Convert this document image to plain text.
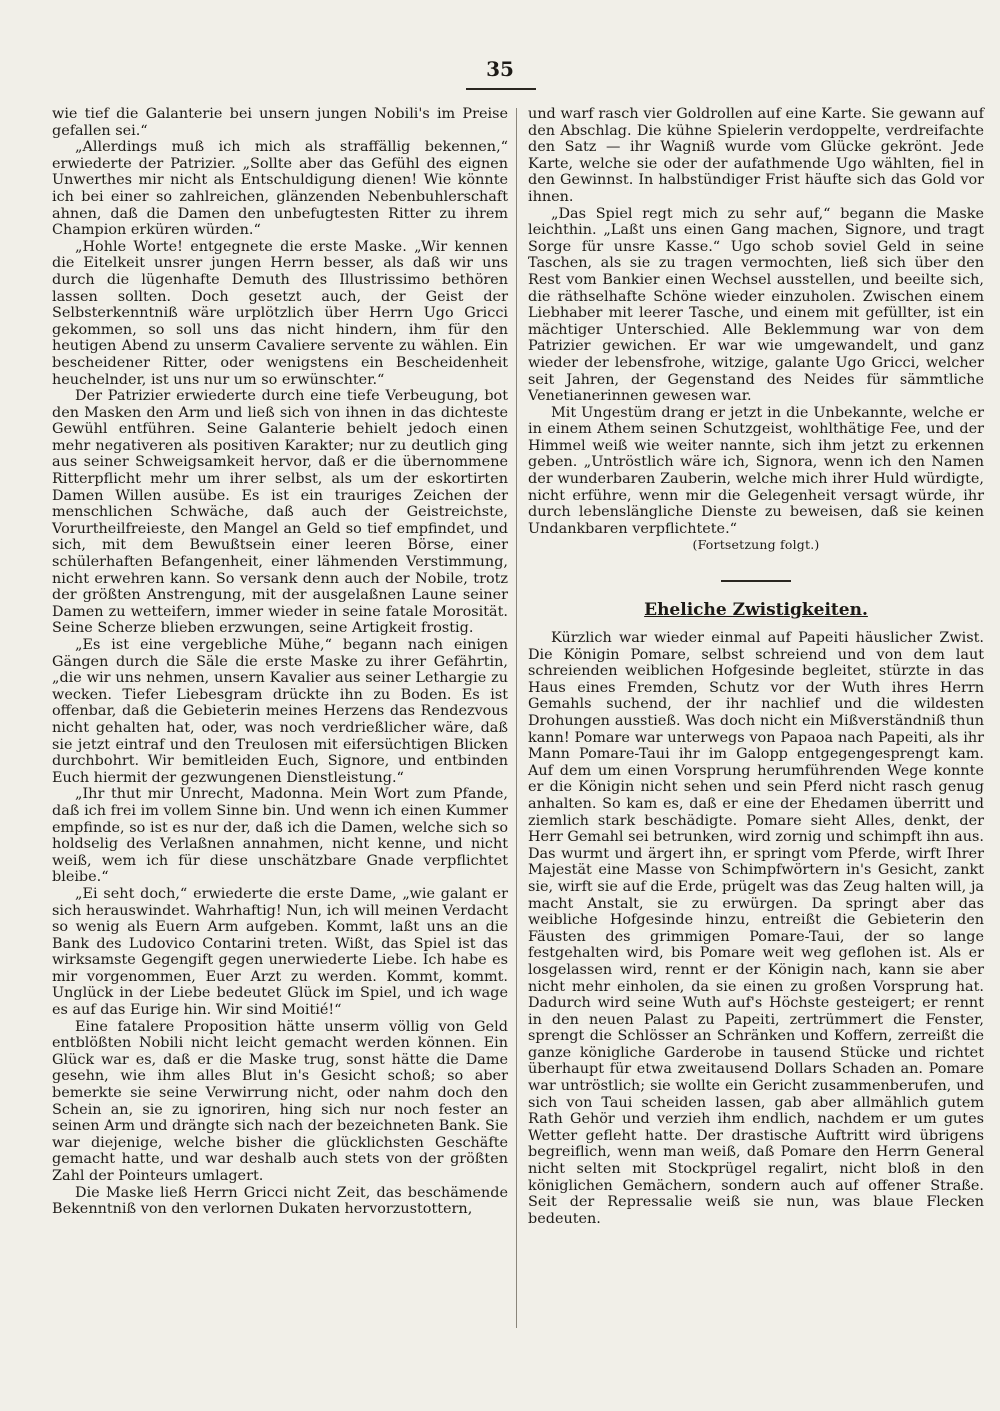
35

wie tief die Galanterie bei unsern jungen Nobili's im Preise gefallen sei.“

„Allerdings muß ich mich als straffällig bekennen,“ erwiederte der Patrizier. „Sollte aber das Gefühl des eignen Unwerthes mir nicht als Entschuldigung dienen! Wie könnte ich bei einer so zahlreichen, glänzenden Nebenbuhlerschaft ahnen, daß die Damen den unbefugtesten Ritter zu ihrem Champion erküren würden.“

„Hohle Worte! entgegnete die erste Maske. „Wir kennen die Eitelkeit unsrer jungen Herrn besser, als daß wir uns durch die lügenhafte Demuth des Illustrissimo bethören lassen sollten. Doch gesetzt auch, der Geist der Selbsterkenntniß wäre urplötzlich über Herrn Ugo Gricci gekommen, so soll uns das nicht hindern, ihm für den heutigen Abend zu unserm Cavaliere servente zu wählen. Ein bescheidener Ritter, oder wenigstens ein Bescheidenheit heuchelnder, ist uns nur um so erwünschter.“

Der Patrizier erwiederte durch eine tiefe Verbeugung, bot den Masken den Arm und ließ sich von ihnen in das dichteste Gewühl entführen. Seine Galanterie behielt jedoch einen mehr negativeren als positiven Karakter; nur zu deutlich ging aus seiner Schweigsamkeit hervor, daß er die übernommene Ritterpflicht mehr um ihrer selbst, als um der eskortirten Damen Willen ausübe. Es ist ein trauriges Zeichen der menschlichen Schwäche, daß auch der Geistreichste, Vorurtheilfreieste, den Mangel an Geld so tief empfindet, und sich, mit dem Bewußtsein einer leeren Börse, einer schülerhaften Befangenheit, einer lähmenden Verstimmung, nicht erwehren kann. So versank denn auch der Nobile, trotz der größten Anstrengung, mit der ausgelaßnen Laune seiner Damen zu wetteifern, immer wieder in seine fatale Morosität. Seine Scherze blieben erzwungen, seine Artigkeit frostig.

„Es ist eine vergebliche Mühe,“ begann nach einigen Gängen durch die Säle die erste Maske zu ihrer Gefährtin, „die wir uns nehmen, unsern Kavalier aus seiner Lethargie zu wecken. Tiefer Liebesgram drückte ihn zu Boden. Es ist offenbar, daß die Gebieterin meines Herzens das Rendezvous nicht gehalten hat, oder, was noch verdrießlicher wäre, daß sie jetzt eintraf und den Treulosen mit eifersüchtigen Blicken durchbohrt. Wir bemitleiden Euch, Signore, und entbinden Euch hiermit der gezwungenen Dienstleistung.“

„Ihr thut mir Unrecht, Madonna. Mein Wort zum Pfande, daß ich frei im vollem Sinne bin. Und wenn ich einen Kummer empfinde, so ist es nur der, daß ich die Damen, welche sich so holdselig des Verlaßnen annahmen, nicht kenne, und nicht weiß, wem ich für diese unschätzbare Gnade verpflichtet bleibe.“

„Ei seht doch,“ erwiederte die erste Dame, „wie galant er sich herauswindet. Wahrhaftig! Nun, ich will meinen Verdacht so wenig als Euern Arm aufgeben. Kommt, laßt uns an die Bank des Ludovico Contarini treten. Wißt, das Spiel ist das wirksamste Gegengift gegen unerwiederte Liebe. Ich habe es mir vorgenommen, Euer Arzt zu werden. Kommt, kommt. Unglück in der Liebe bedeutet Glück im Spiel, und ich wage es auf das Eurige hin. Wir sind Moitié!“

Eine fatalere Proposition hätte unserm völlig von Geld entblößten Nobili nicht leicht gemacht werden können. Ein Glück war es, daß er die Maske trug, sonst hätte die Dame gesehn, wie ihm alles Blut in's Gesicht schoß; so aber bemerkte sie seine Verwirrung nicht, oder nahm doch den Schein an, sie zu ignoriren, hing sich nur noch fester an seinen Arm und drängte sich nach der bezeichneten Bank. Sie war diejenige, welche bisher die glücklichsten Geschäfte gemacht hatte, und war deshalb auch stets von der größten Zahl der Pointeurs umlagert.

Die Maske ließ Herrn Gricci nicht Zeit, das beschämende Bekenntniß von den verlornen Dukaten hervorzustottern,

und warf rasch vier Goldrollen auf eine Karte. Sie gewann auf den Abschlag. Die kühne Spielerin verdoppelte, verdreifachte den Satz — ihr Wagniß wurde vom Glücke gekrönt. Jede Karte, welche sie oder der aufathmende Ugo wählten, fiel in den Gewinnst. In halbstündiger Frist häufte sich das Gold vor ihnen.

„Das Spiel regt mich zu sehr auf,“ begann die Maske leichthin. „Laßt uns einen Gang machen, Signore, und tragt Sorge für unsre Kasse.“ Ugo schob soviel Geld in seine Taschen, als sie zu tragen vermochten, ließ sich über den Rest vom Bankier einen Wechsel ausstellen, und beeilte sich, die räthselhafte Schöne wieder einzuholen. Zwischen einem Liebhaber mit leerer Tasche, und einem mit gefüllter, ist ein mächtiger Unterschied. Alle Beklemmung war von dem Patrizier gewichen. Er war wie umgewandelt, und ganz wieder der lebensfrohe, witzige, galante Ugo Gricci, welcher seit Jahren, der Gegenstand des Neides für sämmtliche Venetianerinnen gewesen war.

Mit Ungestüm drang er jetzt in die Unbekannte, welche er in einem Athem seinen Schutzgeist, wohlthätige Fee, und der Himmel weiß wie weiter nannte, sich ihm jetzt zu erkennen geben. „Untröstlich wäre ich, Signora, wenn ich den Namen der wunderbaren Zauberin, welche mich ihrer Huld würdigte, nicht erführe, wenn mir die Gelegenheit versagt würde, ihr durch lebenslängliche Dienste zu beweisen, daß sie keinen Undankbaren verpflichtete.“

(Fortsetzung folgt.)

Eheliche Zwistigkeiten.

Kürzlich war wieder einmal auf Papeiti häuslicher Zwist. Die Königin Pomare, selbst schreiend und von dem laut schreienden weiblichen Hofgesinde begleitet, stürzte in das Haus eines Fremden, Schutz vor der Wuth ihres Herrn Gemahls suchend, der ihr nachlief und die wildesten Drohungen ausstieß. Was doch nicht ein Mißverständniß thun kann! Pomare war unterwegs von Papaoa nach Papeiti, als ihr Mann Pomare-Taui ihr im Galopp entgegengesprengt kam. Auf dem um einen Vorsprung herumführenden Wege konnte er die Königin nicht sehen und sein Pferd nicht rasch genug anhalten. So kam es, daß er eine der Ehedamen überritt und ziemlich stark beschädigte. Pomare sieht Alles, denkt, der Herr Gemahl sei betrunken, wird zornig und schimpft ihn aus. Das wurmt und ärgert ihn, er springt vom Pferde, wirft Ihrer Majestät eine Masse von Schimpfwörtern in's Gesicht, zankt sie, wirft sie auf die Erde, prügelt was das Zeug halten will, ja macht Anstalt, sie zu erwürgen. Da springt aber das weibliche Hofgesinde hinzu, entreißt die Gebieterin den Fäusten des grimmigen Pomare-Taui, der so lange festgehalten wird, bis Pomare weit weg geflohen ist. Als er losgelassen wird, rennt er der Königin nach, kann sie aber nicht mehr einholen, da sie einen zu großen Vorsprung hat. Dadurch wird seine Wuth auf's Höchste gesteigert; er rennt in den neuen Palast zu Papeiti, zertrümmert die Fenster, sprengt die Schlösser an Schränken und Koffern, zerreißt die ganze königliche Garderobe in tausend Stücke und richtet überhaupt für etwa zweitausend Dollars Schaden an. Pomare war untröstlich; sie wollte ein Gericht zusammenberufen, und sich von Taui scheiden lassen, gab aber allmählich gutem Rath Gehör und verzieh ihm endlich, nachdem er um gutes Wetter gefleht hatte. Der drastische Auftritt wird übrigens begreiflich, wenn man weiß, daß Pomare den Herrn General nicht selten mit Stockprügel regalirt, nicht bloß in den königlichen Gemächern, sondern auch auf offener Straße. Seit der Repressalie weiß sie nun, was blaue Flecken bedeuten.
